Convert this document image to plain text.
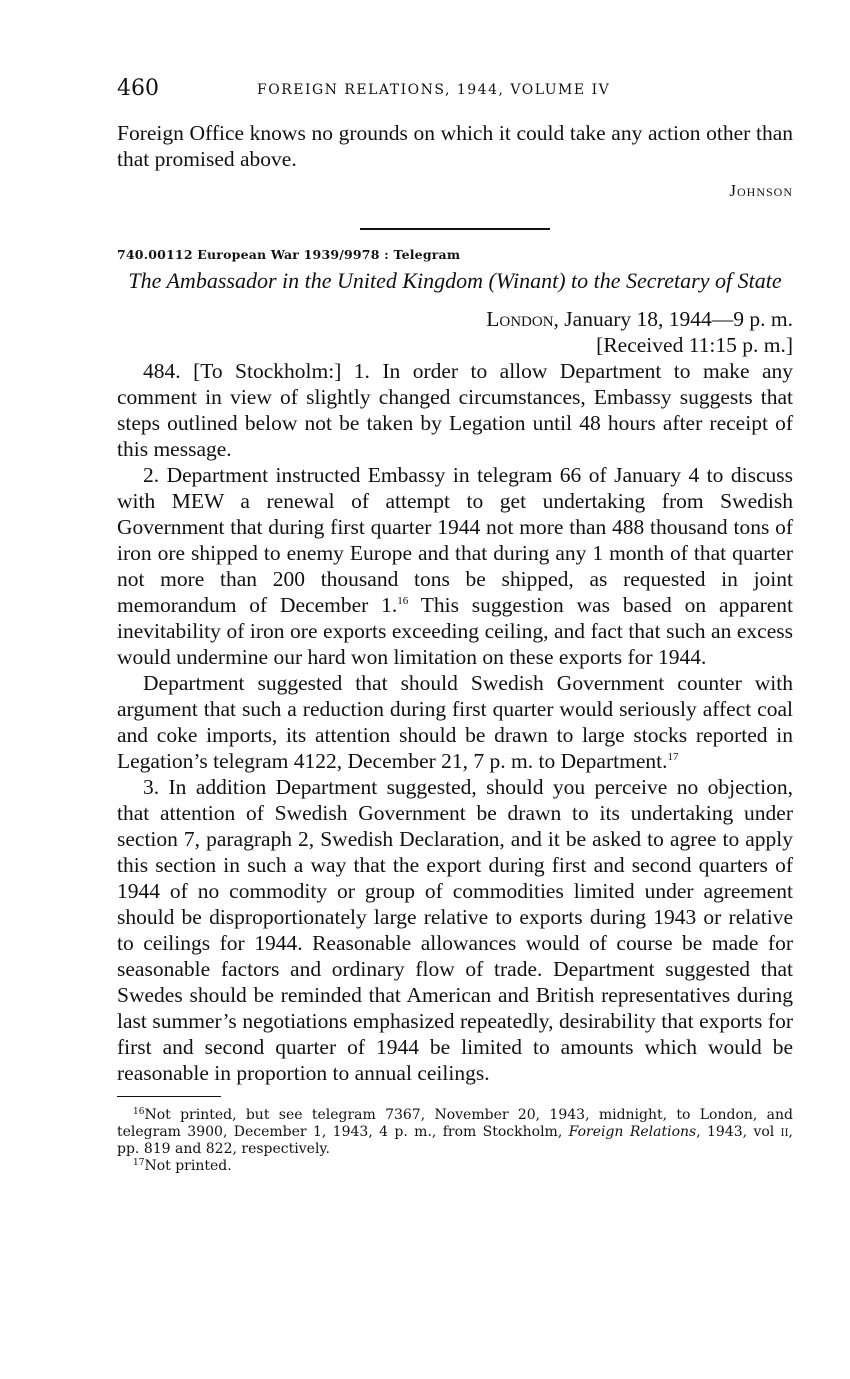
460	FOREIGN RELATIONS, 1944, VOLUME IV

Foreign Office knows no grounds on which it could take any action other than that promised above.

Johnson
740.00112 European War 1939/9978 : Telegram
The Ambassador in the United Kingdom (Winant) to the Secretary of State
London, January 18, 1944—9 p. m.
[Received 11:15 p. m.]

484. [To Stockholm:] 1. In order to allow Department to make any comment in view of slightly changed circumstances, Embassy suggests that steps outlined below not be taken by Legation until 48 hours after receipt of this message.

2. Department instructed Embassy in telegram 66 of January 4 to discuss with MEW a renewal of attempt to get undertaking from Swedish Government that during first quarter 1944 not more than 488 thousand tons of iron ore shipped to enemy Europe and that during any 1 month of that quarter not more than 200 thousand tons be shipped, as requested in joint memorandum of December 1.16 This suggestion was based on apparent inevitability of iron ore exports exceeding ceiling, and fact that such an excess would undermine our hard won limitation on these exports for 1944.

Department suggested that should Swedish Government counter with argument that such a reduction during first quarter would seriously affect coal and coke imports, its attention should be drawn to large stocks reported in Legation’s telegram 4122, December 21, 7 p. m. to Department.$^{17}$

3. In addition Department suggested, should you perceive no objection, that attention of Swedish Government be drawn to its undertaking under section 7, paragraph 2, Swedish Declaration, and it be asked to agree to apply this section in such a way that the export during first and second quarters of 1944 of no commodity or group of commodities limited under agreement should be disproportionately large relative to exports during 1943 or relative to ceilings for 1944. Reasonable allowances would of course be made for seasonable factors and ordinary flow of trade. Department suggested that Swedes should be reminded that American and British representatives during last summer’s negotiations emphasized repeatedly, desirability that exports for first and second quarter of 1944 be limited to amounts which would be reasonable in proportion to annual ceilings.

$^{16}$Not printed, but see telegram 7367, November 20, 1943, midnight, to London, and telegram 3900, December 1, 1943, 4 p. m., from Stockholm, Foreign Relations, 1943, vol ii, pp. 819 and 822, respectively.

$^{17}$Not printed.
